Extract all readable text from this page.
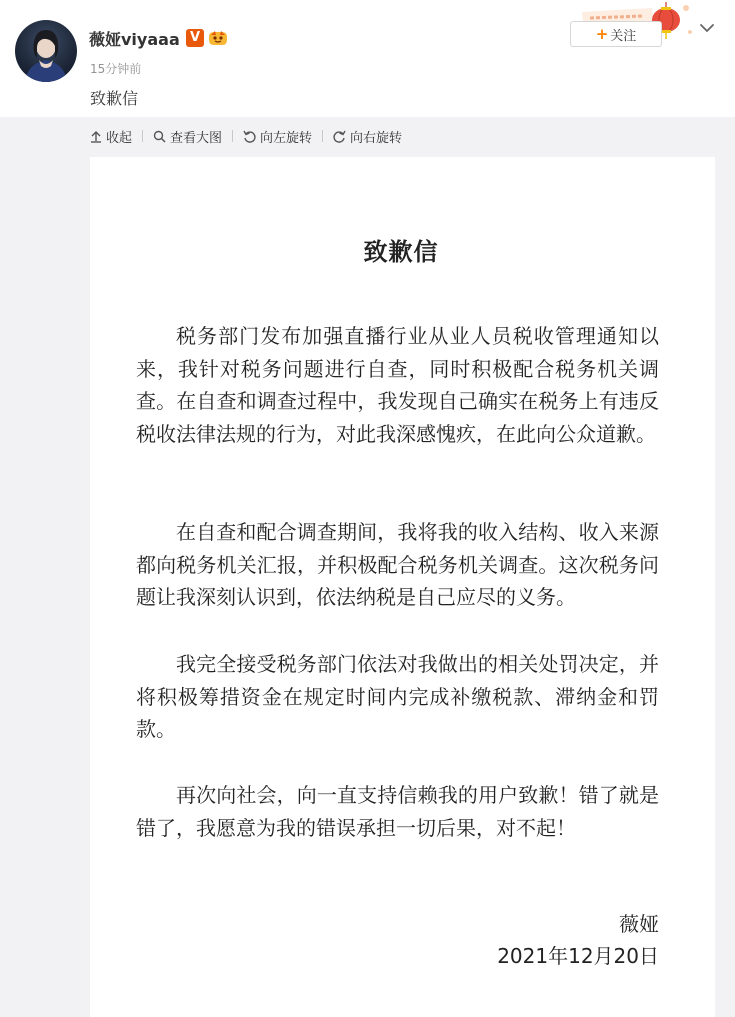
薇娅viyaaa V
15分钟前
致歉信
+ 关注
收起	查看大图	向左旋转	向右旋转
致歉信

税务部门发布加强直播行业从业人员税收管理通知以来，我针对税务问题进行自查，同时积极配合税务机关调查。在自查和调查过程中，我发现自己确实在税务上有违反税收法律法规的行为，对此我深感愧疚，在此向公众道歉。

在自查和配合调查期间，我将我的收入结构、收入来源都向税务机关汇报，并积极配合税务机关调查。这次税务问题让我深刻认识到，依法纳税是自己应尽的义务。

我完全接受税务部门依法对我做出的相关处罚决定，并将积极筹措资金在规定时间内完成补缴税款、滞纳金和罚款。

再次向社会，向一直支持信赖我的用户致歉！错了就是错了，我愿意为我的错误承担一切后果，对不起！

薇娅
2021年12月20日
